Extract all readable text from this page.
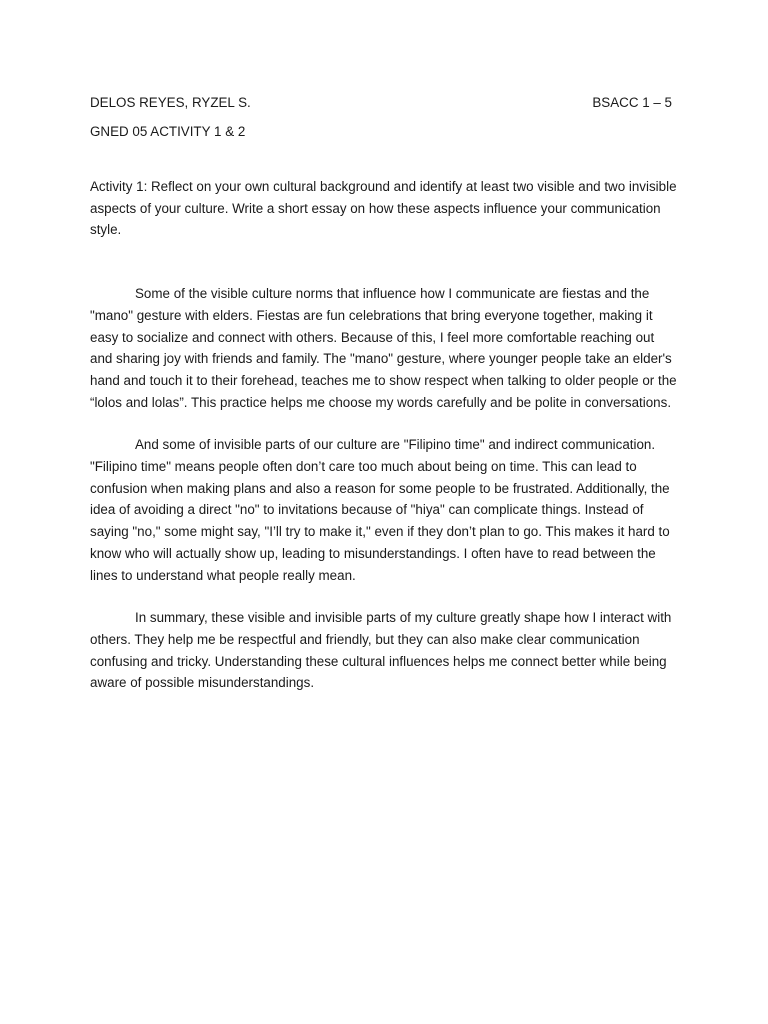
DELOS REYES, RYZEL S.	BSACC 1 – 5
GNED 05 ACTIVITY 1 & 2
Activity 1: Reflect on your own cultural background and identify at least two visible and two invisible aspects of your culture. Write a short essay on how these aspects influence your communication style.

Some of the visible culture norms that influence how I communicate are fiestas and the "mano" gesture with elders. Fiestas are fun celebrations that bring everyone together, making it easy to socialize and connect with others. Because of this, I feel more comfortable reaching out and sharing joy with friends and family. The "mano" gesture, where younger people take an elder's hand and touch it to their forehead, teaches me to show respect when talking to older people or the “lolos and lolas”. This practice helps me choose my words carefully and be polite in conversations.

And some of invisible parts of our culture are "Filipino time" and indirect communication. "Filipino time" means people often don’t care too much about being on time. This can lead to confusion when making plans and also a reason for some people to be frustrated. Additionally, the idea of avoiding a direct "no" to invitations because of "hiya" can complicate things. Instead of saying "no," some might say, "I’ll try to make it," even if they don’t plan to go. This makes it hard to know who will actually show up, leading to misunderstandings. I often have to read between the lines to understand what people really mean.

In summary, these visible and invisible parts of my culture greatly shape how I interact with others. They help me be respectful and friendly, but they can also make clear communication confusing and tricky. Understanding these cultural influences helps me connect better while being aware of possible misunderstandings.
